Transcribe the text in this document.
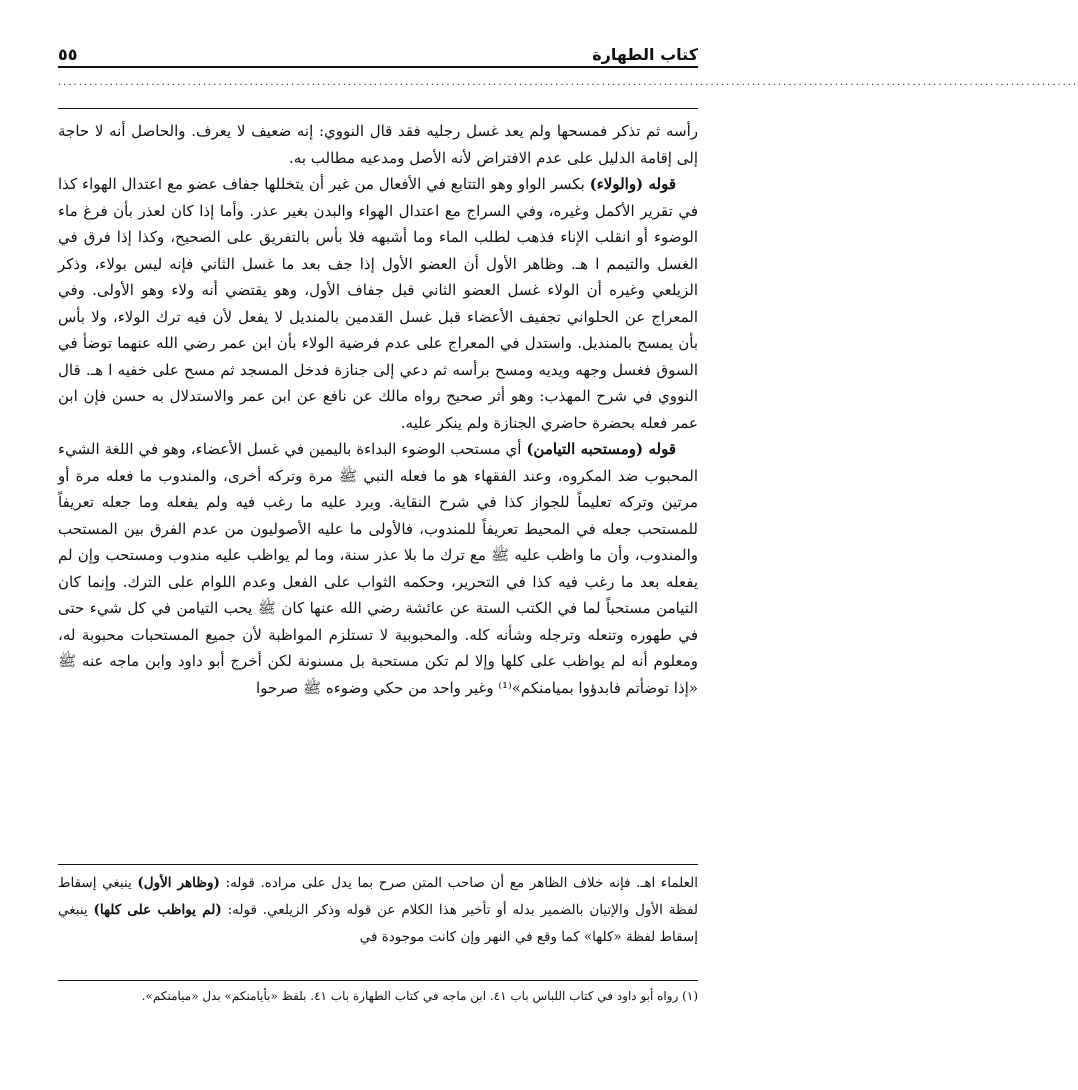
٥٥	كتاب الطهارة
.....................................................................................................................................................................................................

رأسه ثم تذكر فمسحها ولم يعد غسل رجليه فقد قال النووي: إنه ضعيف لا يعرف. والحاصل أنه لا حاجة إلى إقامة الدليل على عدم الافتراض لأنه الأصل ومدعيه مطالب به.

قوله (والولاء) بكسر الواو وهو التتابع في الأفعال من غير أن يتخللها جفاف عضو مع اعتدال الهواء كذا في تقرير الأكمل وغيره، وفي السراج مع اعتدال الهواء والبدن بغير عذر. وأما إذا كان لعذر بأن فرغ ماء الوضوء أو انقلب الإناء فذهب لطلب الماء وما أشبهه فلا بأس بالتفريق على الصحيح، وكذا إذا فرق في الغسل والتيمم ا هـ. وظاهر الأول أن العضو الأول إذا جف بعد ما غسل الثاني فإنه ليس بولاء، وذكر الزيلعي وغيره أن الولاء غسل العضو الثاني قبل جفاف الأول، وهو يقتضي أنه ولاء وهو الأولى. وفي المعراج عن الحلواني تجفيف الأعضاء قبل غسل القدمين بالمنديل لا يفعل لأن فيه ترك الولاء، ولا بأس بأن يمسح بالمنديل. واستدل في المعراج على عدم فرضية الولاء بأن ابن عمر رضي الله عنهما توضأ في السوق فغسل وجهه ويديه ومسح برأسه ثم دعي إلى جنازة فدخل المسجد ثم مسح على خفيه ا هـ. قال النووي في شرح المهذب: وهو أثر صحيح رواه مالك عن نافع عن ابن عمر والاستدلال به حسن فإن ابن عمر فعله بحضرة حاضري الجنازة ولم ينكر عليه.

قوله (ومستحبه التيامن) أي مستحب الوضوء البداءة باليمين في غسل الأعضاء، وهو في اللغة الشيء المحبوب ضد المكروه، وعند الفقهاء هو ما فعله النبي ﷺ مرة وتركه أخرى، والمندوب ما فعله مرة أو مرتين وتركه تعليماً للجواز كذا في شرح النقاية. ويرد عليه ما رغب فيه ولم يفعله وما جعله تعريفاً للمستحب جعله في المحيط تعريفاً للمندوب، فالأولى ما عليه الأصوليون من عدم الفرق بين المستحب والمندوب، وأن ما واظب عليه ﷺ مع ترك ما بلا عذر سنة، وما لم يواظب عليه مندوب ومستحب وإن لم يفعله بعد ما رغب فيه كذا في التحرير، وحكمه الثواب على الفعل وعدم اللوام على الترك. وإنما كان التيامن مستحباً لما في الكتب الستة عن عائشة رضي الله عنها كان ﷺ يحب التيامن في كل شيء حتى في طهوره وتنعله وترجله وشأنه كله. والمحبوبية لا تستلزم المواظبة لأن جميع المستحبات محبوبة له، ومعلوم أنه لم يواظب على كلها وإلا لم تكن مستحبة بل مسنونة لكن أخرج أبو داود وابن ماجه عنه ﷺ «إذا توضأتم فابدؤوا بميامنكم»⁽¹⁾ وغير واحد من حكي وضوءه ﷺ صرحوا

العلماء اهـ. فإنه خلاف الظاهر مع أن صاحب المتن صرح بما يدل على مراده. قوله: (وظاهر الأول) ينبغي إسقاط لفظة الأول والإتيان بالضمير بدله أو تأخير هذا الكلام عن قوله وذكر الزيلعي. قوله: (لم يواظب على كلها) ينبغي إسقاط لفظة «كلها» كما وقع في النهر وإن كانت موجودة في

(١) رواه أبو داود في كتاب اللباس باب ٤١. ابن ماجه في كتاب الطهارة باب ٤١. بلفظ «بأيامنكم» بدل «ميامنكم».
